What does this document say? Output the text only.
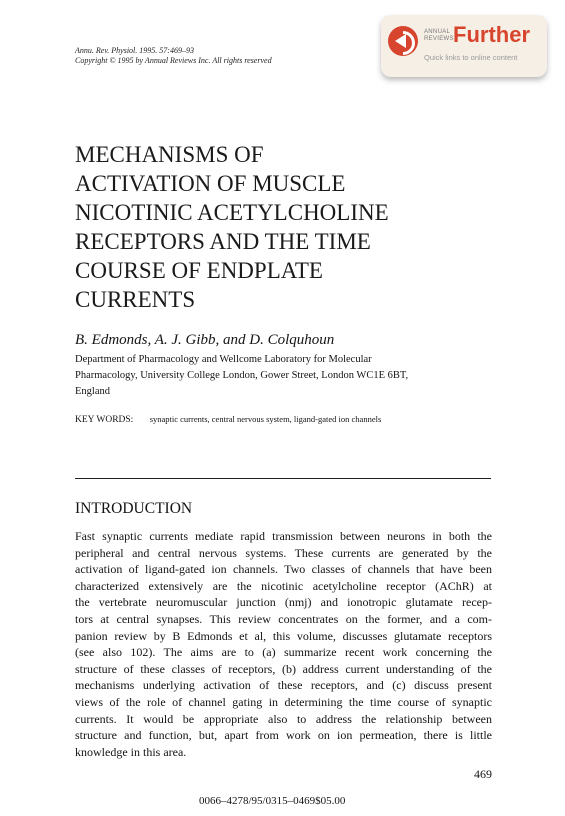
Annu. Rev. Physiol. 1995. 57:469–93
Copyright © 1995 by Annual Reviews Inc. All rights reserved
ANNUAL
REVIEWS Further
Quick links to online content
MECHANISMS OF
ACTIVATION OF MUSCLE
NICOTINIC ACETYLCHOLINE
RECEPTORS AND THE TIME
COURSE OF ENDPLATE
CURRENTS
B. Edmonds, A. J. Gibb, and D. Colquhoun
Department of Pharmacology and Wellcome Laboratory for Molecular
Pharmacology, University College London, Gower Street, London WC1E 6BT,
England
KEY WORDS: synaptic currents, central nervous system, ligand-gated ion channels
INTRODUCTION
Fast synaptic currents mediate rapid transmission between neurons in both the
peripheral and central nervous systems. These currents are generated by the
activation of ligand-gated ion channels. Two classes of channels that have been
characterized extensively are the nicotinic acetylcholine receptor (AChR) at
the vertebrate neuromuscular junction (nmj) and ionotropic glutamate recep-
tors at central synapses. This review concentrates on the former, and a com-
panion review by B Edmonds et al, this volume, discusses glutamate receptors
(see also 102). The aims are to (a) summarize recent work concerning the
structure of these classes of receptors, (b) address current understanding of the
mechanisms underlying activation of these receptors, and (c) discuss present
views of the role of channel gating in determining the time course of synaptic
currents. It would be appropriate also to address the relationship between
structure and function, but, apart from work on ion permeation, there is little
knowledge in this area.
469
0066–4278/95/0315–0469$05.00
